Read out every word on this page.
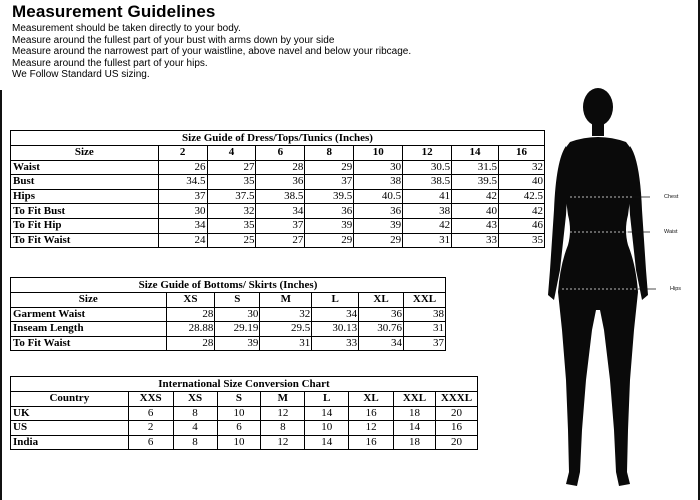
Measurement Guidelines
Measurement should be taken directly to your body.
Measure around the fullest part of your bust with arms down by your side
Measure around the narrowest part of your waistline, above navel and below your ribcage.
Measure around the fullest part of your hips.
We Follow Standard US sizing.
Size Guide of Dress/Tops/Tunics (Inches)								
Size	2	4	6	8	10	12	14	16
Waist	26	27	28	29	30	30.5	31.5	32
Bust	34.5	35	36	37	38	38.5	39.5	40
Hips	37	37.5	38.5	39.5	40.5	41	42	42.5
To Fit Bust	30	32	34	36	36	38	40	42
To Fit Hip	34	35	37	39	39	42	43	46
To Fit Waist	24	25	27	29	29	31	33	35
Size Guide of Bottoms/ Skirts (Inches)						
Size	XS	S	M	L	XL	XXL
Garment Waist	28	30	32	34	36	38
Inseam Length	28.88	29.19	29.5	30.13	30.76	31
To Fit Waist	28	39	31	33	34	37
International Size Conversion Chart								
Country	XXS	XS	S	M	L	XL	XXL	XXXL
UK	6	8	10	12	14	16	18	20
US	2	4	6	8	10	12	14	16
India	6	8	10	12	14	16	18	20
Chest
Waist
Hips
